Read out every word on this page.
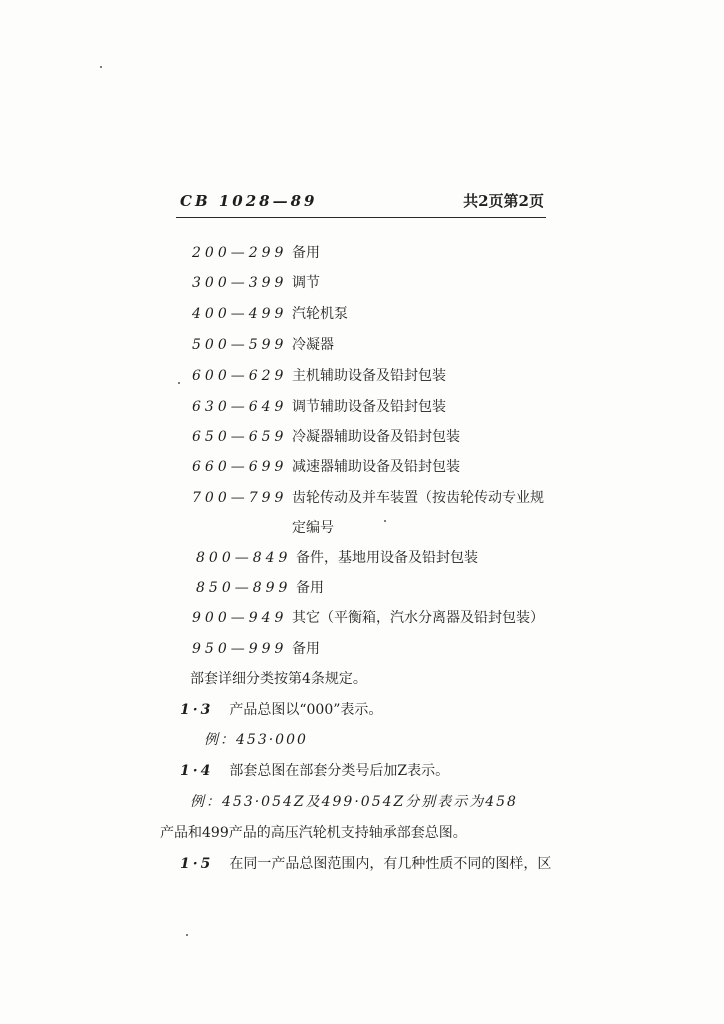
CB 1028—89	共2页第2页
200—299 备用
300—399 调节
400—499 汽轮机泵
500—599 冷凝器
600—629 主机辅助设备及铅封包装
630—649 调节辅助设备及铅封包装
650—659 冷凝器辅助设备及铅封包装
660—699 减速器辅助设备及铅封包装
700—799 齿轮传动及并车装置（按齿轮传动专业规
定编号
800—849 备件，基地用设备及铅封包装
850—899 备用
900—949 其它（平衡箱，汽水分离器及铅封包装）
950—999 备用
部套详细分类按第4条规定。
1·3 产品总图以“000”表示。
例：453·000
1·4 部套总图在部套分类号后加Z表示。
例：453·054Z及499·054Z分别表示为458
产品和499产品的高压汽轮机支持轴承部套总图。
1·5 在同一产品总图范围内，有几种性质不同的图样，区
